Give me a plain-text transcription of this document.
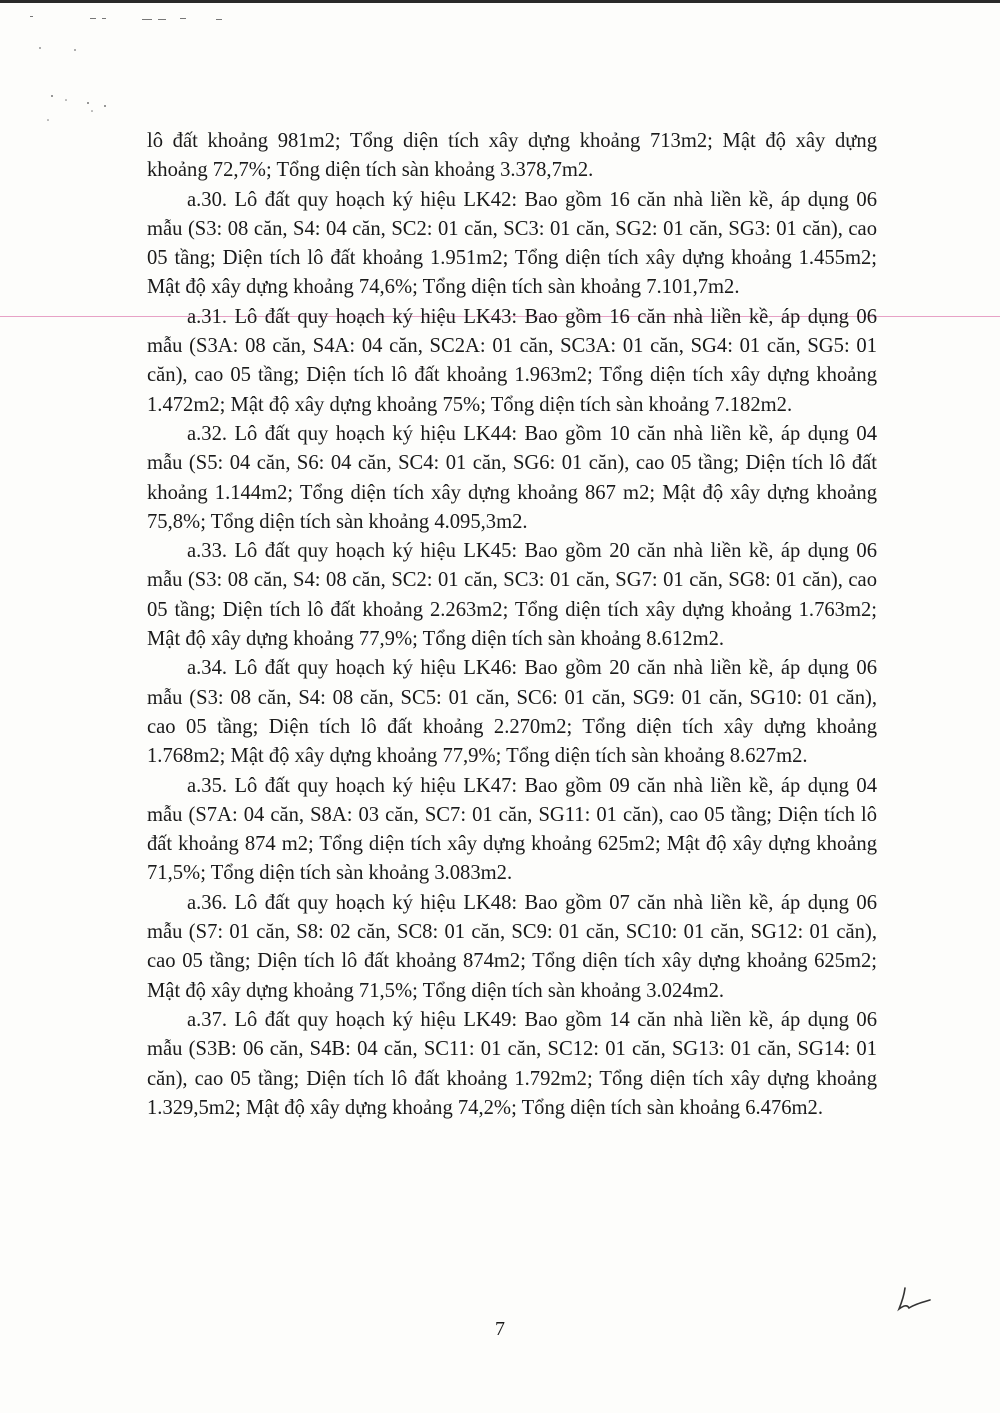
lô đất khoảng 981m2; Tổng diện tích xây dựng khoảng 713m2; Mật độ xây dựng khoảng 72,7%; Tổng diện tích sàn khoảng 3.378,7m2.

a.30. Lô đất quy hoạch ký hiệu LK42: Bao gồm 16 căn nhà liền kề, áp dụng 06 mẫu (S3: 08 căn, S4: 04 căn, SC2: 01 căn, SC3: 01 căn, SG2: 01 căn, SG3: 01 căn), cao 05 tầng; Diện tích lô đất khoảng 1.951m2; Tổng diện tích xây dựng khoảng 1.455m2; Mật độ xây dựng khoảng 74,6%; Tổng diện tích sàn khoảng 7.101,7m2.

a.31. Lô đất quy hoạch ký hiệu LK43: Bao gồm 16 căn nhà liền kề, áp dụng 06 mẫu (S3A: 08 căn, S4A: 04 căn, SC2A: 01 căn, SC3A: 01 căn, SG4: 01 căn, SG5: 01 căn), cao 05 tầng; Diện tích lô đất khoảng 1.963m2; Tổng diện tích xây dựng khoảng 1.472m2; Mật độ xây dựng khoảng 75%; Tổng diện tích sàn khoảng 7.182m2.

a.32. Lô đất quy hoạch ký hiệu LK44: Bao gồm 10 căn nhà liền kề, áp dụng 04 mẫu (S5: 04 căn, S6: 04 căn, SC4: 01 căn, SG6: 01 căn), cao 05 tầng; Diện tích lô đất khoảng 1.144m2; Tổng diện tích xây dựng khoảng 867 m2; Mật độ xây dựng khoảng 75,8%; Tổng diện tích sàn khoảng 4.095,3m2.

a.33. Lô đất quy hoạch ký hiệu LK45: Bao gồm 20 căn nhà liền kề, áp dụng 06 mẫu (S3: 08 căn, S4: 08 căn, SC2: 01 căn, SC3: 01 căn, SG7: 01 căn, SG8: 01 căn), cao 05 tầng; Diện tích lô đất khoảng 2.263m2; Tổng diện tích xây dựng khoảng 1.763m2; Mật độ xây dựng khoảng 77,9%; Tổng diện tích sàn khoảng 8.612m2.

a.34. Lô đất quy hoạch ký hiệu LK46: Bao gồm 20 căn nhà liền kề, áp dụng 06 mẫu (S3: 08 căn, S4: 08 căn, SC5: 01 căn, SC6: 01 căn, SG9: 01 căn, SG10: 01 căn), cao 05 tầng; Diện tích lô đất khoảng 2.270m2; Tổng diện tích xây dựng khoảng 1.768m2; Mật độ xây dựng khoảng 77,9%; Tổng diện tích sàn khoảng 8.627m2.

a.35. Lô đất quy hoạch ký hiệu LK47: Bao gồm 09 căn nhà liền kề, áp dụng 04 mẫu (S7A: 04 căn, S8A: 03 căn, SC7: 01 căn, SG11: 01 căn), cao 05 tầng; Diện tích lô đất khoảng 874 m2; Tổng diện tích xây dựng khoảng 625m2; Mật độ xây dựng khoảng 71,5%; Tổng diện tích sàn khoảng 3.083m2.

a.36. Lô đất quy hoạch ký hiệu LK48: Bao gồm 07 căn nhà liền kề, áp dụng 06 mẫu (S7: 01 căn, S8: 02 căn, SC8: 01 căn, SC9: 01 căn, SC10: 01 căn, SG12: 01 căn), cao 05 tầng; Diện tích lô đất khoảng 874m2; Tổng diện tích xây dựng khoảng 625m2; Mật độ xây dựng khoảng 71,5%; Tổng diện tích sàn khoảng 3.024m2.

a.37. Lô đất quy hoạch ký hiệu LK49: Bao gồm 14 căn nhà liền kề, áp dụng 06 mẫu (S3B: 06 căn, S4B: 04 căn, SC11: 01 căn, SC12: 01 căn, SG13: 01 căn, SG14: 01 căn), cao 05 tầng; Diện tích lô đất khoảng 1.792m2; Tổng diện tích xây dựng khoảng 1.329,5m2; Mật độ xây dựng khoảng 74,2%; Tổng diện tích sàn khoảng 6.476m2.

7
